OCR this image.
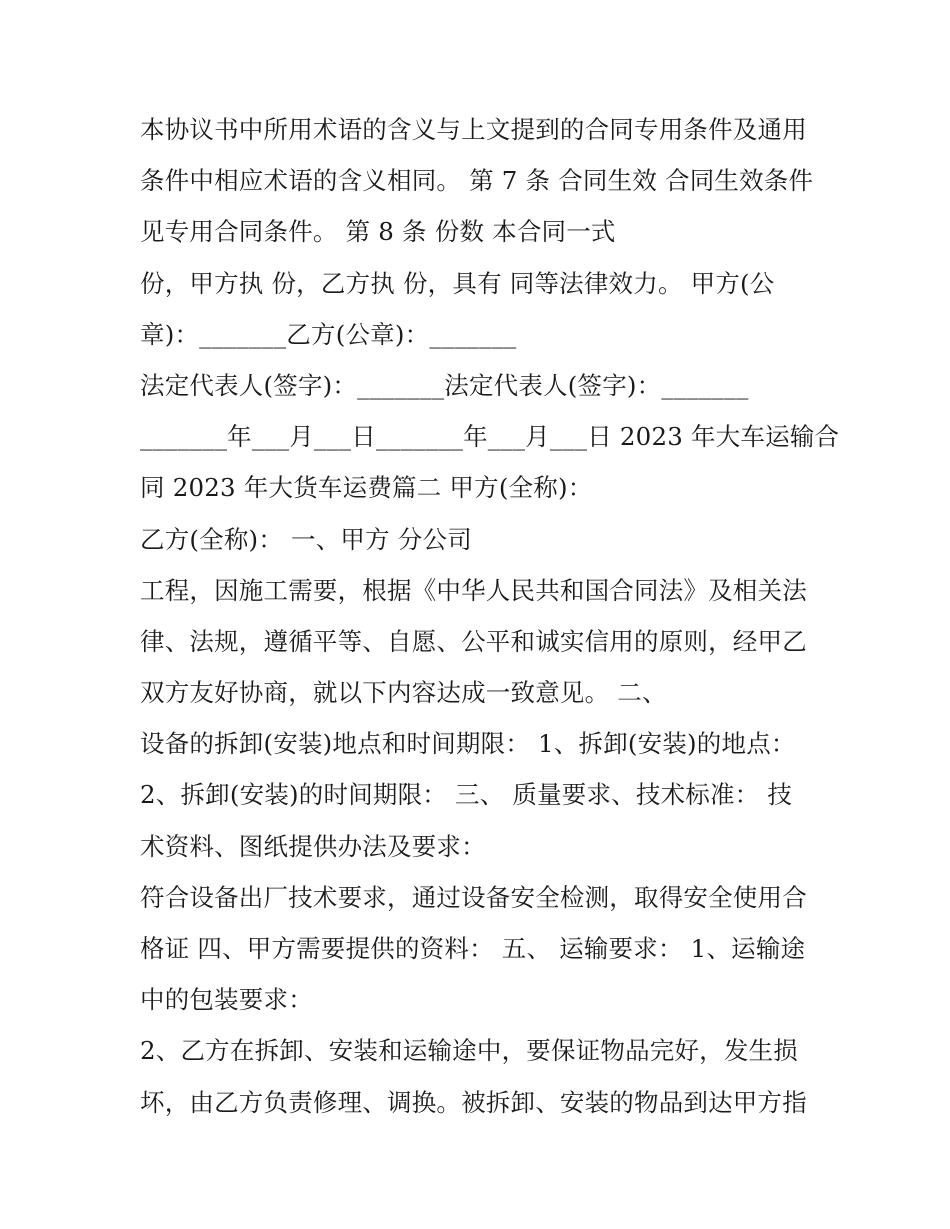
本协议书中所用术语的含义与上文提到的合同专用条件及通用
条件中相应术语的含义相同。 第 7 条 合同生效 合同生效条件
见专用合同条件。 第 8 条 份数 本合同一式
份，甲方执 份，乙方执 份，具有 同等法律效力。 甲方(公
章)：_______乙方(公章)：_______
法定代表人(签字)：_______法定代表人(签字)：_______
_______年___月___日_______年___月___日 2023 年大车运输合
同 2023 年大货车运费篇二 甲方(全称)：
乙方(全称)： 一、甲方 分公司
工程，因施工需要，根据《中华人民共和国合同法》及相关法
律、法规，遵循平等、自愿、公平和诚实信用的原则，经甲乙
双方友好协商，就以下内容达成一致意见。 二、
设备的拆卸(安装)地点和时间期限： 1、拆卸(安装)的地点：
2、拆卸(安装)的时间期限： 三、 质量要求、技术标准： 技
术资料、图纸提供办法及要求：
符合设备出厂技术要求，通过设备安全检测，取得安全使用合
格证 四、甲方需要提供的资料： 五、 运输要求： 1、运输途
中的包装要求：
2、乙方在拆卸、安装和运输途中，要保证物品完好，发生损
坏，由乙方负责修理、调换。被拆卸、安装的物品到达甲方指
